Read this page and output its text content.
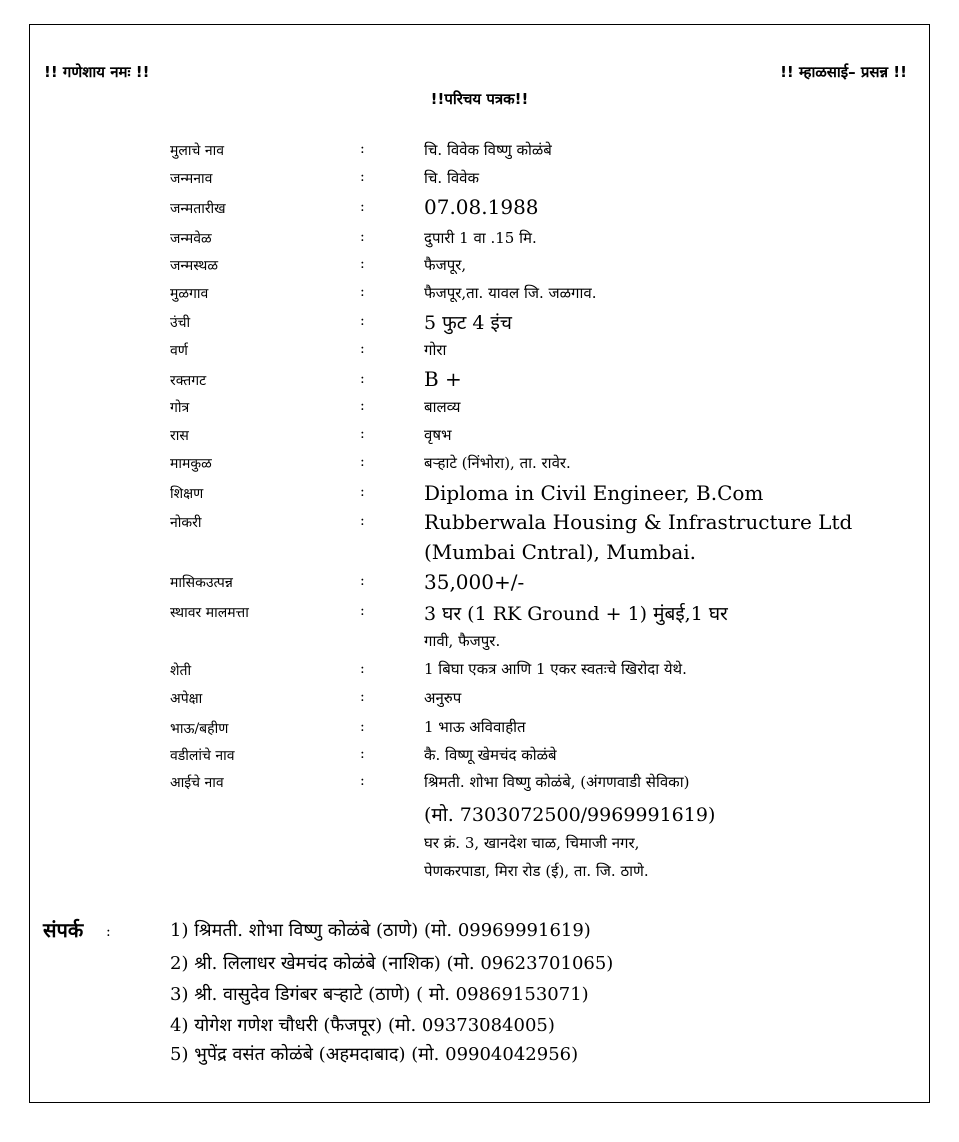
!! गणेशाय नमः !!	!! म्हाळसाई– प्रसन्न !!
!!परिचय पत्रक!!
मुलाचे नाव	:	चि. विवेक विष्णु कोळंबे
जन्मनाव	:	चि. विवेक
जन्मतारीख	:	07.08.1988
जन्मवेळ	:	दुपारी 1 वा .15 मि.
जन्मस्थळ	:	फैजपूर,
मुळगाव	:	फैजपूर,ता. यावल जि. जळगाव.
उंची	:	5 फुट 4 इंच
वर्ण	:	गोरा
रक्तगट	:	B +
गोत्र	:	बालव्य
रास	:	वृषभ
मामकुळ	:	बऱ्हाटे (निंभोरा), ता. रावेर.
शिक्षण	:	Diploma in Civil Engineer, B.Com
नोकरी	:	Rubberwala Housing & Infrastructure Ltd
(Mumbai Cntral), Mumbai.
मासिकउत्पन्न	:	35,000+/-
स्थावर मालमत्ता	:	3 घर (1 RK Ground + 1) मुंबई,1 घर
गावी, फैजपुर.
शेती	:	1 बिघा एकत्र आणि 1 एकर स्वतःचे खिरोदा येथे.
अपेक्षा	:	अनुरुप
भाऊ/बहीण	:	1 भाऊ अविवाहीत
वडीलांचे नाव	:	कै. विष्णू खेमचंद कोळंबे
आईचे नाव	:	श्रिमती. शोभा विष्णु कोळंबे, (अंगणवाडी सेविका)
(मो. 7303072500/9969991619)
घर क्रं. 3, खानदेश चाळ, चिमाजी नगर,
पेणकरपाडा, मिरा रोड (ई), ता. जि. ठाणे.
संपर्क :	1) श्रिमती. शोभा विष्णु कोळंबे (ठाणे) (मो. 09969991619)
2) श्री. लिलाधर खेमचंद कोळंबे (नाशिक) (मो. 09623701065)
3) श्री. वासुदेव डिगंबर बऱ्हाटे (ठाणे) ( मो. 09869153071)
4) योगेश गणेश चौधरी (फैजपूर) (मो. 09373084005)
5) भुपेंद्र वसंत कोळंबे (अहमदाबाद) (मो. 09904042956)
